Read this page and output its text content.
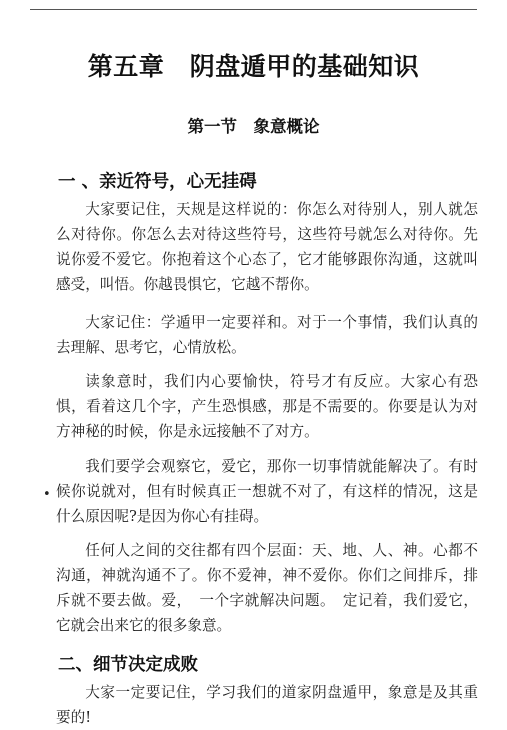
第五章　阴盘遁甲的基础知识
第一节　象意概论
一 、亲近符号，心无挂碍

大家要记住，天规是这样说的：你怎么对待别人，别人就怎么对待你。你怎么去对待这些符号，这些符号就怎么对待你。先说你爱不爱它。你抱着这个心态了，它才能够跟你沟通，这就叫感受，叫悟。你越畏惧它，它越不帮你。

大家记住：学遁甲一定要祥和。对于一个事情，我们认真的去理解、思考它，心情放松。

读象意时，我们内心要愉快，符号才有反应。大家心有恐惧，看着这几个字，产生恐惧感，那是不需要的。你要是认为对方神秘的时候，你是永远接触不了对方。

我们要学会观察它，爱它，那你一切事情就能解决了。有时候你说就对，但有时候真正一想就不对了，有这样的情况，这是什么原因呢?是因为你心有挂碍。

•

任何人之间的交往都有四个层面：天、地、人、神。心都不沟通，神就沟通不了。你不爱神，神不爱你。你们之间排斥，排斥就不要去做。爱，　一个字就解决问题。　定记着，我们爱它，它就会出来它的很多象意。

二、细节决定成败

大家一定要记住，学习我们的道家阴盘遁甲，象意是及其重要的!
